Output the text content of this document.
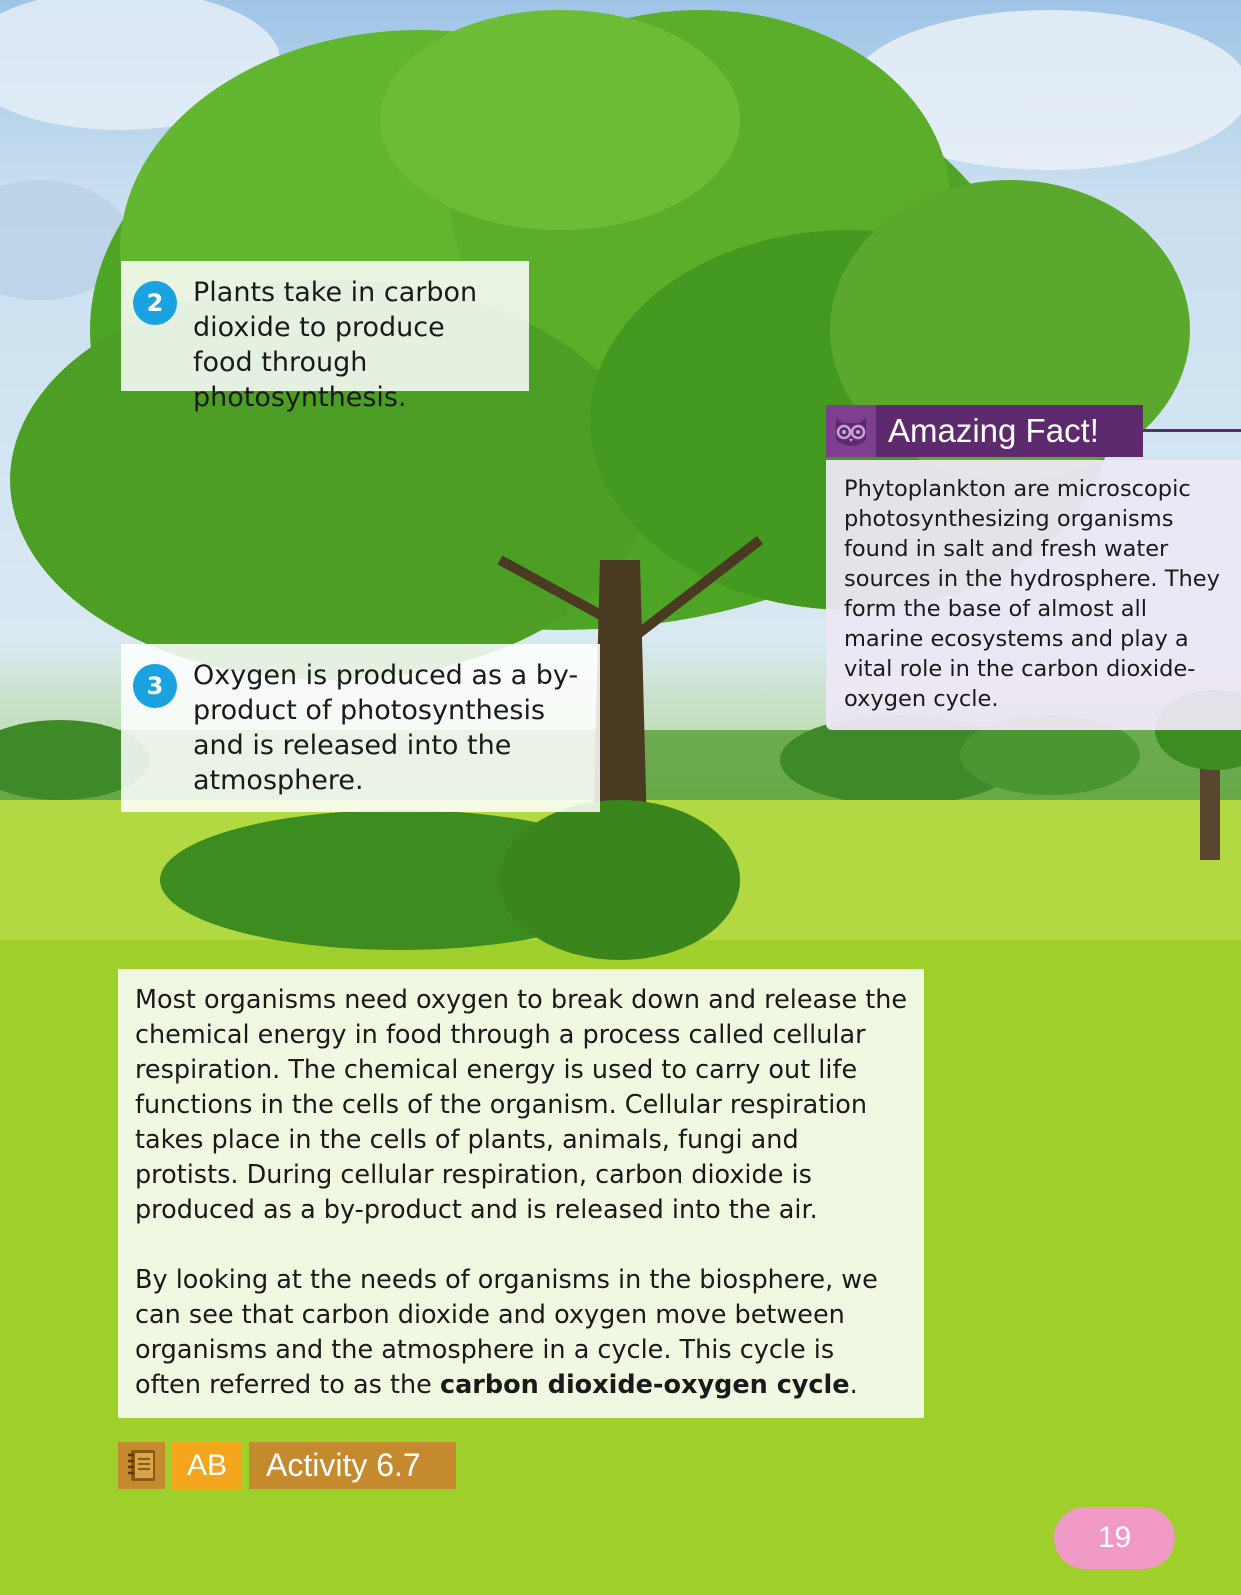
2	Plants take in carbon dioxide to produce food through photosynthesis.

3	Oxygen is produced as a by-product of photosynthesis and is released into the atmosphere.

Amazing Fact!

Phytoplankton are microscopic photosynthesizing organisms found in salt and fresh water sources in the hydrosphere. They form the base of almost all marine ecosystems and play a vital role in the carbon dioxide-oxygen cycle.

Most organisms need oxygen to break down and release the chemical energy in food through a process called cellular respiration. The chemical energy is used to carry out life functions in the cells of the organism. Cellular respiration takes place in the cells of plants, animals, fungi and protists. During cellular respiration, carbon dioxide is produced as a by-product and is released into the air.

By looking at the needs of organisms in the biosphere, we can see that carbon dioxide and oxygen move between organisms and the atmosphere in a cycle. This cycle is often referred to as the carbon dioxide-oxygen cycle.

AB	Activity 6.7
19
